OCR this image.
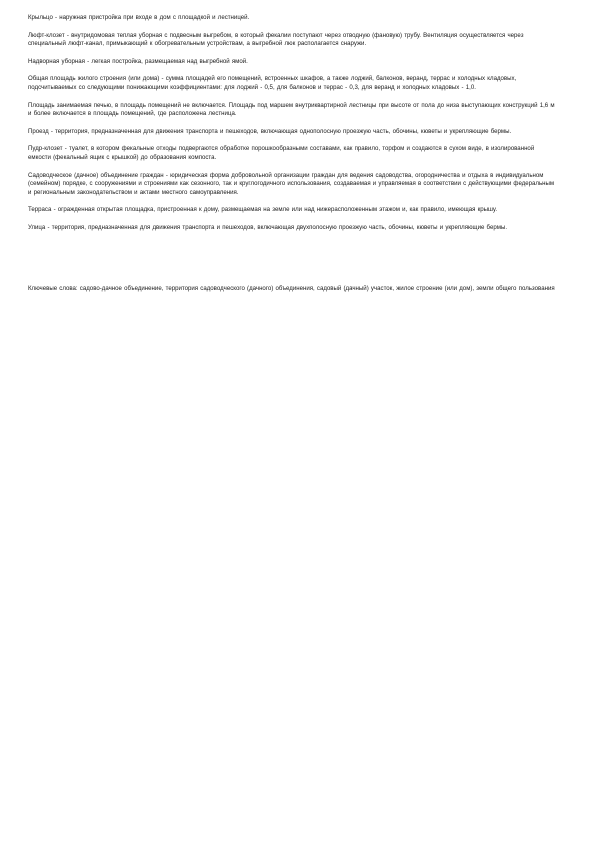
Крыльцо - наружная пристройка при входе в дом с площадкой и лестницей.

Люфт-клозет - внутридомовая теплая уборная с подвесным выгребом, в который фекалии поступают через отводную (фановую) трубу. Вентиляция осуществляется через специальный люфт-канал, примыкающий к обогревательным устройствам, а выгребной люк располагается снаружи.

Надворная уборная - легкая постройка, размещаемая над выгребной ямой.

Общая площадь жилого строения (или дома) - сумма площадей его помещений, встроенных шкафов, а также лоджий, балконов, веранд, террас и холодных кладовых, подсчитываемых со следующими понижающими коэффициентами: для лоджий - 0,5, для балконов и террас - 0,3, для веранд и холодных кладовых - 1,0.

Площадь занимаемая печью, в площадь помещений не включается. Площадь под маршем внутриквартирной лестницы при высоте от пола до низа выступающих конструкций 1,6 м и более включается в площадь помещений, где расположена лестница.

Проезд - территория, предназначенная для движения транспорта и пешеходов, включающая однополосную проезжую часть, обочины, кюветы и укрепляющие бермы.

Пудр-клозет - туалет, в котором фекальные отходы подвергаются обработке порошкообразными составами, как правило, торфом и создаются в сухом виде, в изолированной емкости (фекальный ящик с крышкой) до образования компоста.

Садоводческое (дачное) объединение граждан - юридическая форма добровольной организации граждан для ведения садоводства, огородничества и отдыха в индивидуальном (семейном) порядке, с сооружениями и строениями как сезонного, так и круглогодичного использования, создаваемая и управляемая в соответствии с действующими федеральным и региональным законодательством и актами местного самоуправления.

Терраса - огражденная открытая площадка, пристроенная к дому, размещаемая на земле или над нижерасположенным этажом и, как правило, имеющая крышу.

Улица - территория, предназначенная для движения транспорта и пешеходов, включающая двухполосную проезжую часть, обочины, кюветы и укрепляющие бермы.

Ключевые слова: садово-дачное объединение, территория садоводческого (дачного) объединения, садовый (дачный) участок, жилое строение (или дом), земли общего пользования
